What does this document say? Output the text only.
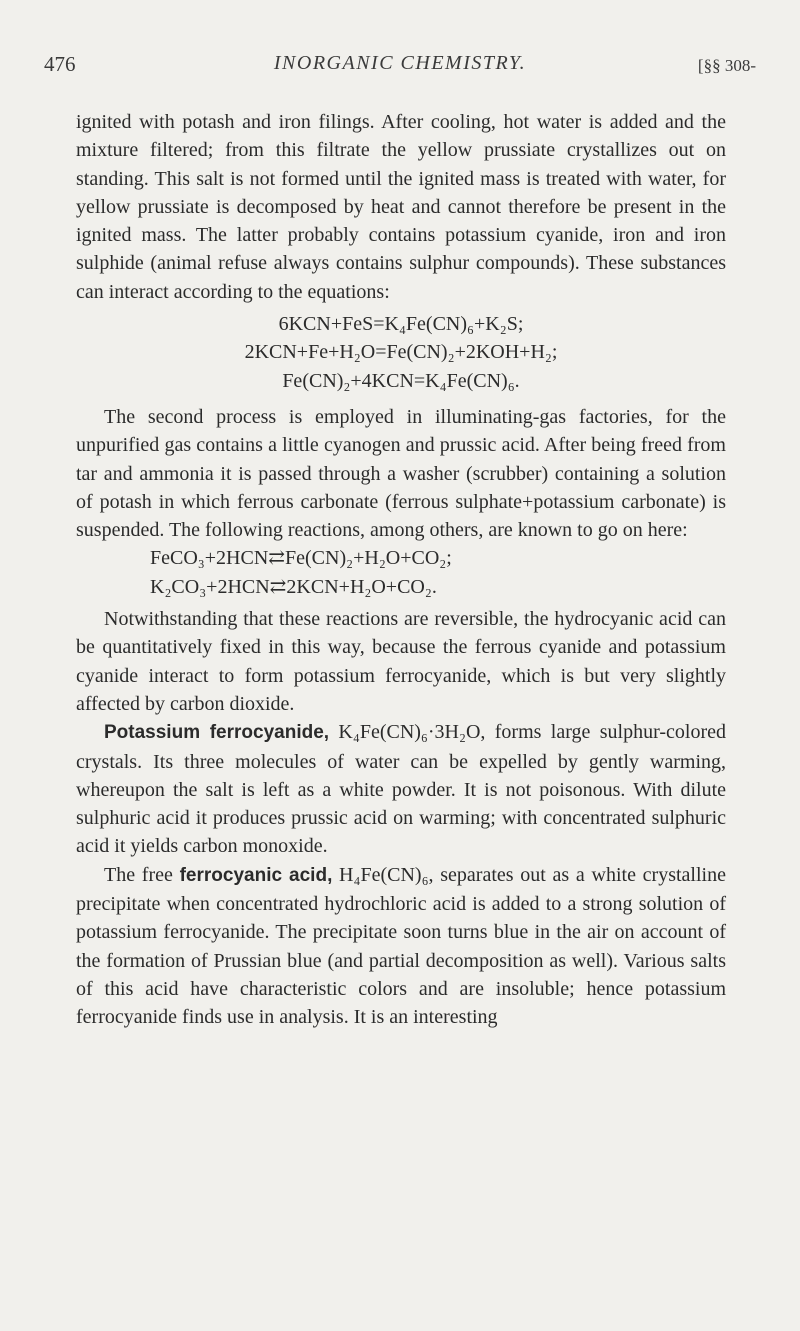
476	INORGANIC CHEMISTRY.	[§§ 308-

ignited with potash and iron filings. After cooling, hot water is added and the mixture filtered; from this filtrate the yellow prussiate crystallizes out on standing. This salt is not formed until the ignited mass is treated with water, for yellow prussiate is decomposed by heat and cannot therefore be present in the ignited mass. The latter probably contains potassium cyanide, iron and iron sulphide (animal refuse always contains sulphur compounds). These substances can interact according to the equations:

6KCN+FeS=K₄Fe(CN)₆+K₂S;

2KCN+Fe+H₂O=Fe(CN)₂+2KOH+H₂;

Fe(CN)₂+4KCN=K₄Fe(CN)₆.

The second process is employed in illuminating-gas factories, for the unpurified gas contains a little cyanogen and prussic acid. After being freed from tar and ammonia it is passed through a washer (scrubber) containing a solution of potash in which ferrous carbonate (ferrous sulphate+potassium carbonate) is suspended. The following reactions, among others, are known to go on here:

FeCO₃+2HCN⇄Fe(CN)₂+H₂O+CO₂;

K₂CO₃+2HCN⇄2KCN+H₂O+CO₂.

Notwithstanding that these reactions are reversible, the hydrocyanic acid can be quantitatively fixed in this way, because the ferrous cyanide and potassium cyanide interact to form potassium ferrocyanide, which is but very slightly affected by carbon dioxide.

Potassium ferrocyanide, K₄Fe(CN)₆·3H₂O, forms large sulphur-colored crystals. Its three molecules of water can be expelled by gently warming, whereupon the salt is left as a white powder. It is not poisonous. With dilute sulphuric acid it produces prussic acid on warming; with concentrated sulphuric acid it yields carbon monoxide.

The free ferrocyanic acid, H₄Fe(CN)₆, separates out as a white crystalline precipitate when concentrated hydrochloric acid is added to a strong solution of potassium ferrocyanide. The precipitate soon turns blue in the air on account of the formation of Prussian blue (and partial decomposition as well). Various salts of this acid have characteristic colors and are insoluble; hence potassium ferrocyanide finds use in analysis. It is an interesting
